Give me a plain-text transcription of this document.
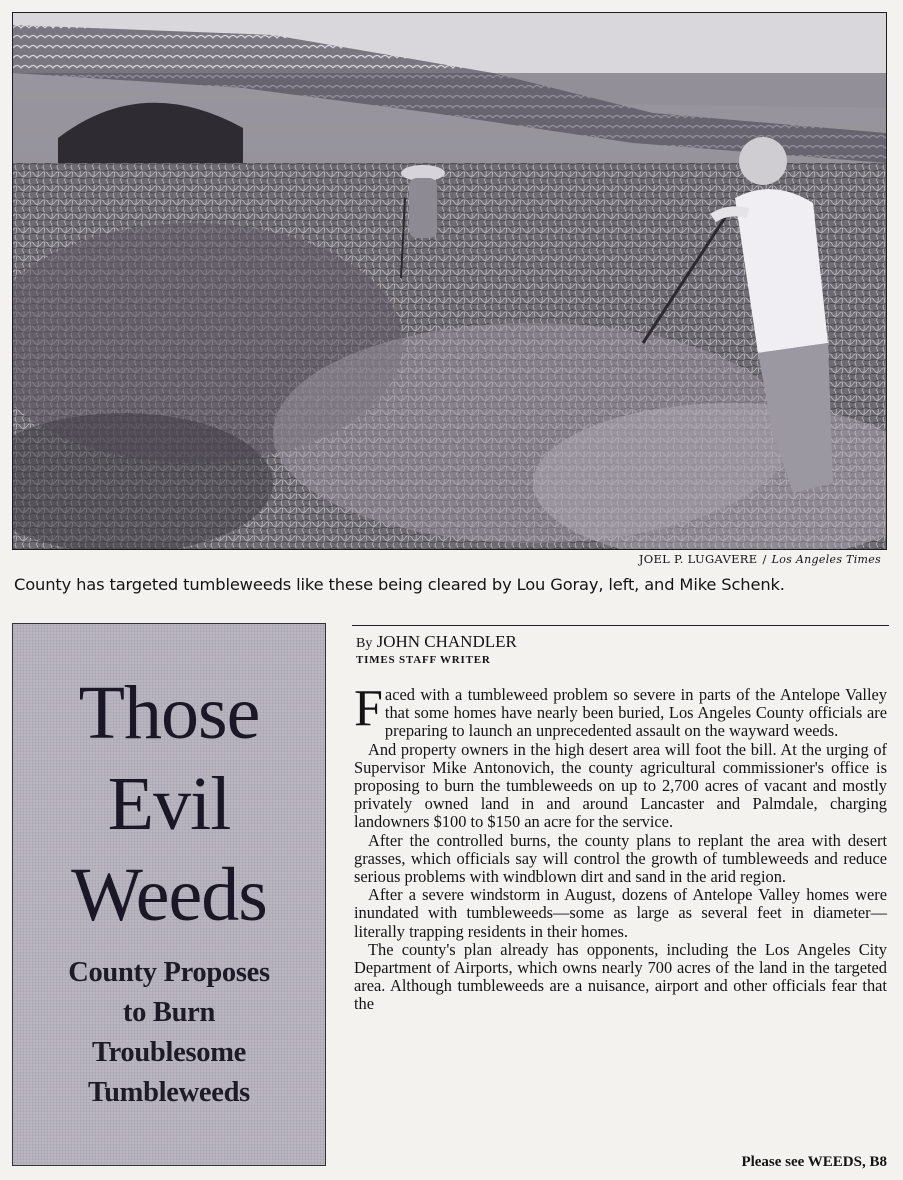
JOEL P. LUGAVERE / Los Angeles Times
County has targeted tumbleweeds like these being cleared by Lou Goray, left, and Mike Schenk.
Those
Evil
Weeds
County Proposes
to Burn
Troublesome
Tumbleweeds
By JOHN CHANDLER
TIMES STAFF WRITER

Faced with a tumbleweed problem so severe in parts of the Antelope Valley that some homes have nearly been buried, Los Angeles County officials are preparing to launch an unprecedented assault on the wayward weeds.

And property owners in the high desert area will foot the bill. At the urging of Supervisor Mike Antonovich, the county agricultural commissioner's office is proposing to burn the tumbleweeds on up to 2,700 acres of vacant and mostly privately owned land in and around Lancaster and Palmdale, charging landowners $100 to $150 an acre for the service.

After the controlled burns, the county plans to replant the area with desert grasses, which officials say will control the growth of tumbleweeds and reduce serious problems with windblown dirt and sand in the arid region.

After a severe windstorm in August, dozens of Antelope Valley homes were inundated with tumbleweeds—some as large as several feet in diameter—literally trapping residents in their homes.

The county's plan already has opponents, including the Los Angeles City Department of Airports, which owns nearly 700 acres of the land in the targeted area. Although tumbleweeds are a nuisance, airport and other officials fear that the

Please see WEEDS, B8
